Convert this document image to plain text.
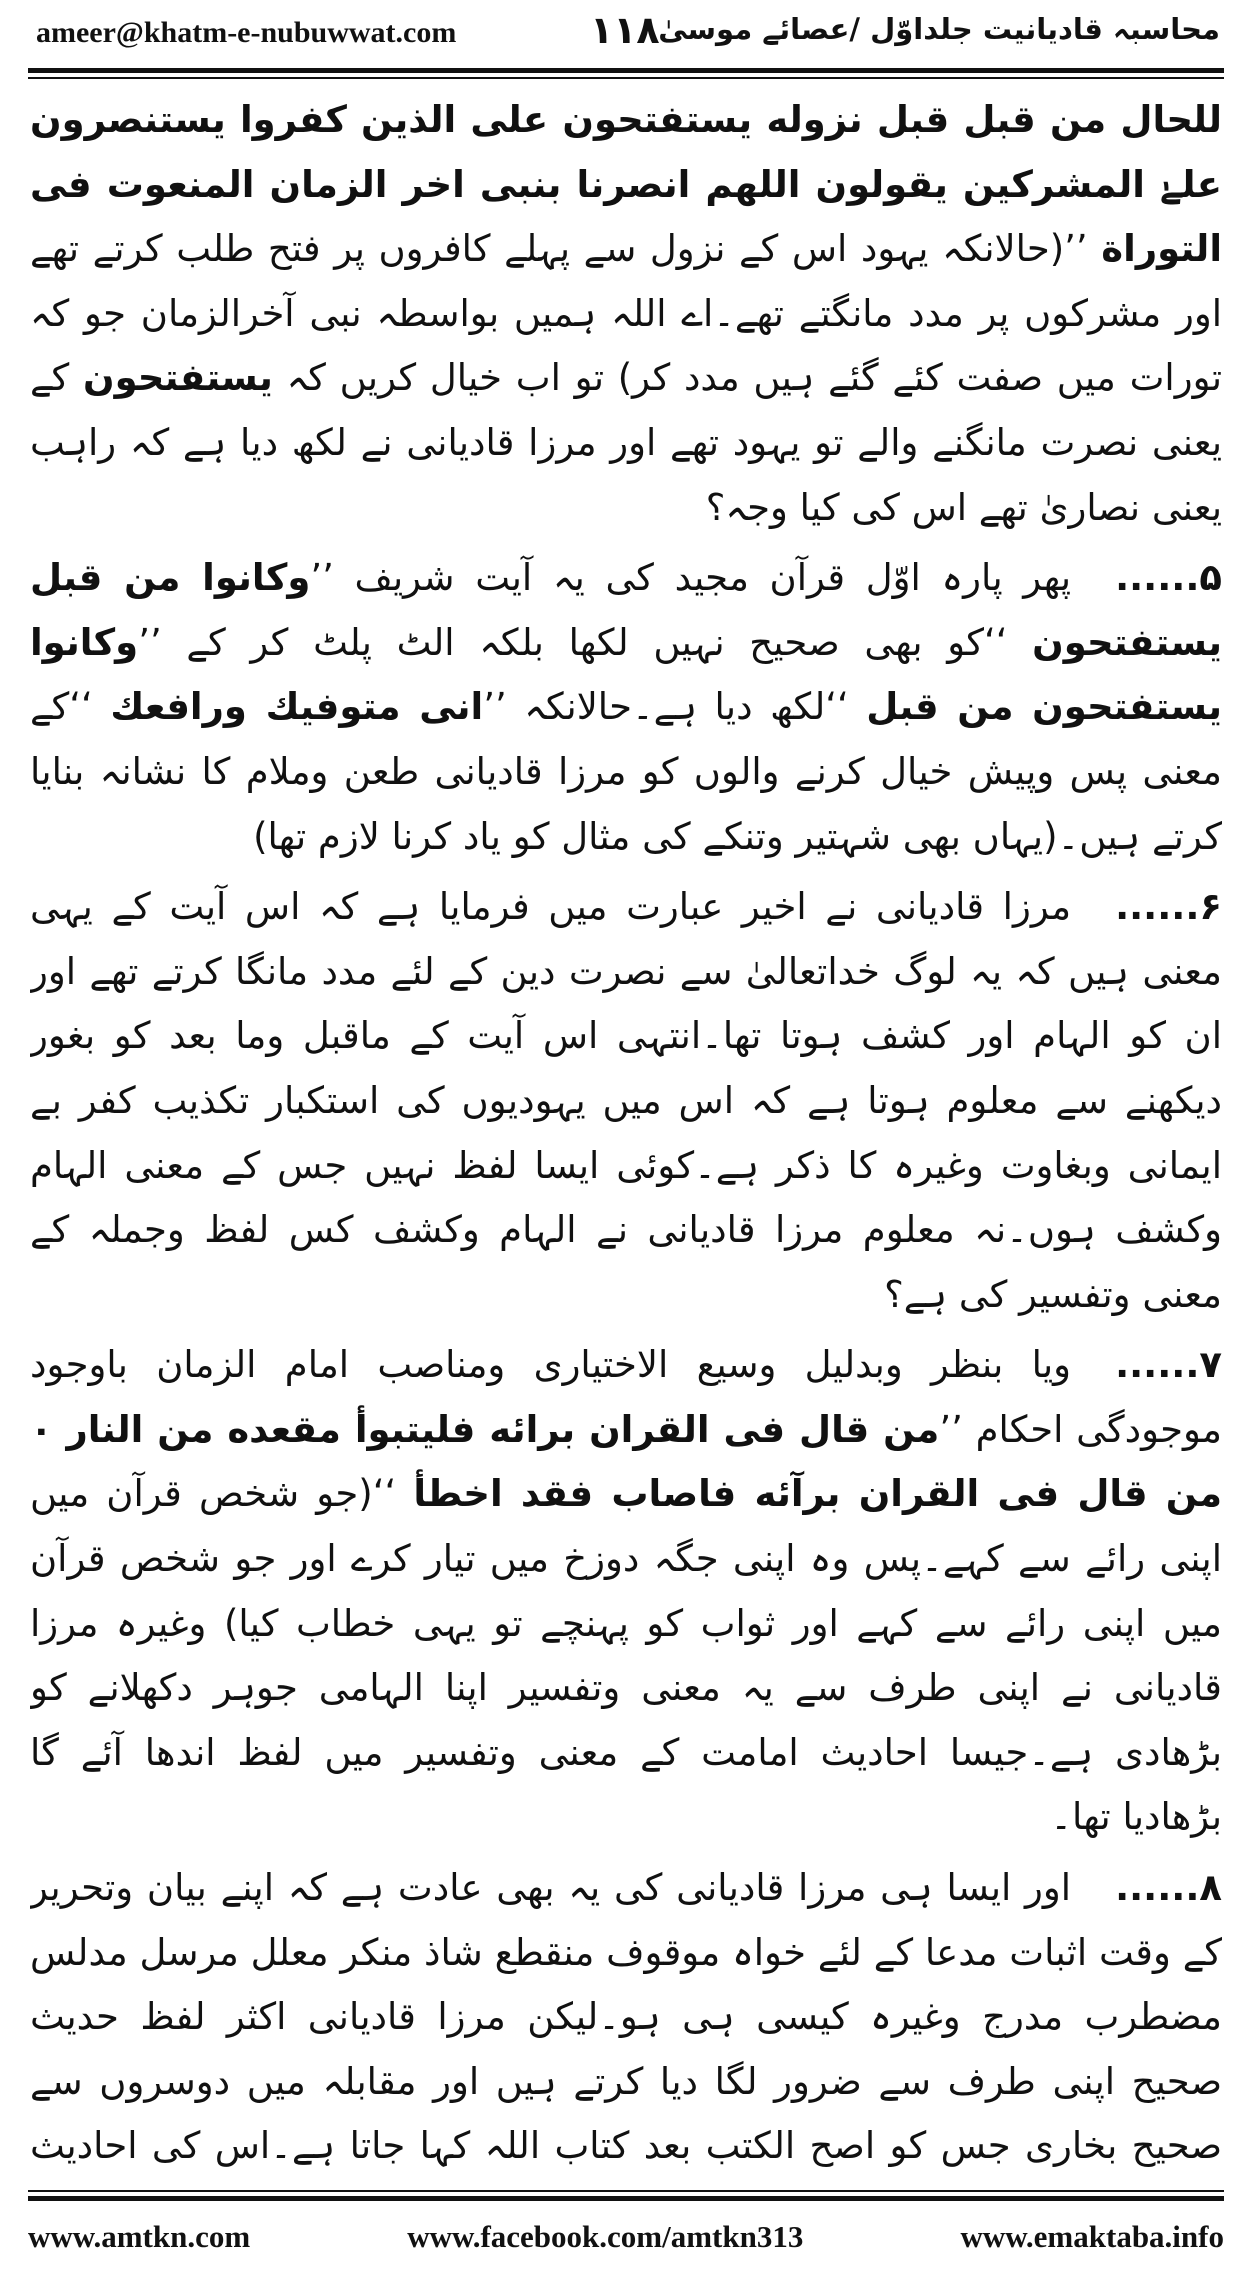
ameer@khatm-e-nubuwwat.com	١١٨
محاسبہ قادیانیت جلداوّل /عصائے موسیٰ

للحال من قبل قبل نزوله يستفتحون على الذين كفروا يستنصرون علےٰ المشركين يقولون اللهم انصرنا بنبى اخر الزمان المنعوت فى التوراة ’’(حالانکہ یہود اس کے نزول سے پہلے کافروں پر فتح طلب کرتے تھے اور مشرکوں پر مدد مانگتے تھے۔اے اللہ ہمیں بواسطہ نبی آخرالزمان جو کہ تورات میں صفت کئے گئے ہیں مدد کر) تو اب خیال کریں کہ يستفتحون کے یعنی نصرت مانگنے والے تو یہود تھے اور مرزا قادیانی نے لکھ دیا ہے کہ راہب یعنی نصاریٰ تھے اس کی کیا وجہ؟

۵......پھر پارہ اوّل قرآن مجید کی یہ آیت شریف ’’وكانوا من قبل يستفتحون ‘‘کو بھی صحیح نہیں لکھا بلکہ الٹ پلٹ کر کے ’’وكانوا يستفتحون من قبل ‘‘لکھ دیا ہے۔حالانکہ ’’انى متوفيك ورافعك ‘‘کے معنی پس وپیش خیال کرنے والوں کو مرزا قادیانی طعن وملام کا نشانہ بنایا کرتے ہیں۔(یہاں بھی شہتیر وتنکے کی مثال کو یاد کرنا لازم تھا)

۶......مرزا قادیانی نے اخیر عبارت میں فرمایا ہے کہ اس آیت کے یہی معنی ہیں کہ یہ لوگ خداتعالیٰ سے نصرت دین کے لئے مدد مانگا کرتے تھے اور ان کو الہام اور کشف ہوتا تھا۔انتہی اس آیت کے ماقبل وما بعد کو بغور دیکھنے سے معلوم ہوتا ہے کہ اس میں یہودیوں کی استکبار تکذیب کفر بے ایمانی وبغاوت وغیرہ کا ذکر ہے۔کوئی ایسا لفظ نہیں جس کے معنی الہام وکشف ہوں۔نہ معلوم مرزا قادیانی نے الہام وکشف کس لفظ وجملہ کے معنی وتفسیر کی ہے؟

۷......ویا بنظر وبدلیل وسیع الاختیاری ومناصب امام الزمان باوجود موجودگی احکام ’’من قال فى القران برائه فليتبوأ مقعده من النار ۰ من قال فى القران برآئه فاصاب فقد اخطأ ‘‘(جو شخص قرآن میں اپنی رائے سے کہے۔پس وہ اپنی جگہ دوزخ میں تیار کرے اور جو شخص قرآن میں اپنی رائے سے کہے اور ثواب کو پہنچے تو یہی خطاب کیا) وغیرہ مرزا قادیانی نے اپنی طرف سے یہ معنی وتفسیر اپنا الہامی جوہر دکھلانے کو بڑھادی ہے۔جیسا احادیث امامت کے معنی وتفسیر میں لفظ اندھا آئے گا بڑھادیا تھا۔

۸......اور ایسا ہی مرزا قادیانی کی یہ بھی عادت ہے کہ اپنے بیان وتحریر کے وقت اثبات مدعا کے لئے خواہ موقوف منقطع شاذ منکر معلل مرسل مدلس مضطرب مدرج وغیرہ کیسی ہی ہو۔لیکن مرزا قادیانی اکثر لفظ حدیث صحیح اپنی طرف سے ضرور لگا دیا کرتے ہیں اور مقابلہ میں دوسروں سے صحیح بخاری جس کو اصح الکتب بعد کتاب اللہ کہا جاتا ہے۔اس کی احادیث

www.amtkn.com	www.facebook.com/amtkn313	www.emaktaba.info
